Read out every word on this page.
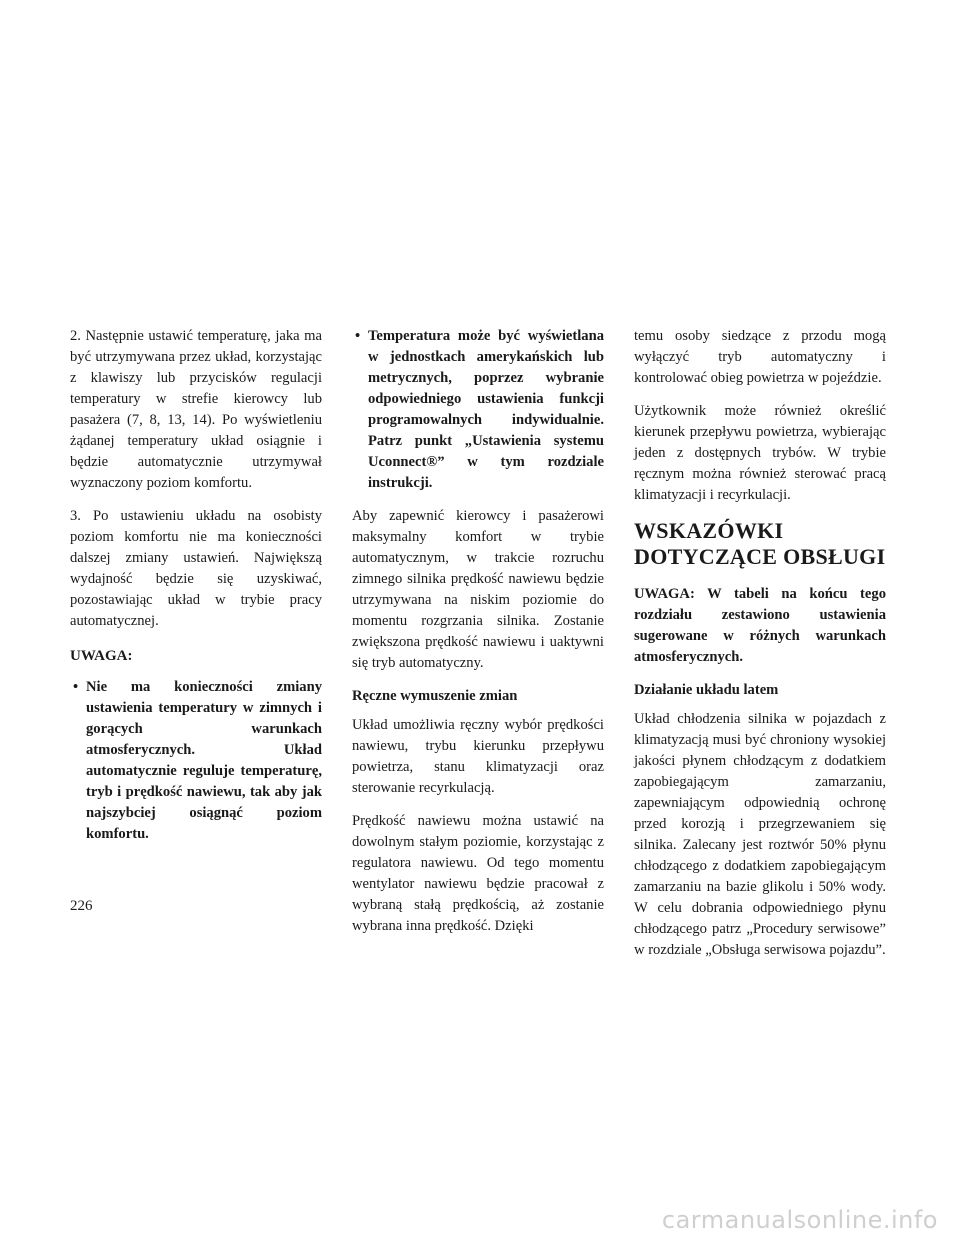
2. Następnie ustawić temperaturę, jaka ma być utrzymywana przez układ, korzystając z klawiszy lub przycisków regulacji temperatury w strefie kierowcy lub pasażera (7, 8, 13, 14). Po wyświetleniu żądanej temperatury układ osiągnie i będzie automatycznie utrzymywał wyznaczony poziom komfortu.

3. Po ustawieniu układu na osobisty poziom komfortu nie ma konieczności dalszej zmiany ustawień. Największą wydajność będzie się uzyskiwać, pozostawiając układ w trybie pracy automatycznej.

UWAGA:
• Nie ma konieczności zmiany ustawienia temperatury w zimnych i gorących warunkach atmosferycznych. Układ automatycznie reguluje temperaturę, tryb i prędkość nawiewu, tak aby jak najszybciej osiągnąć poziom komfortu.
• Temperatura może być wyświetlana w jednostkach amerykańskich lub metrycznych, poprzez wybranie odpowiedniego ustawienia funkcji programowalnych indywidualnie. Patrz punkt „Ustawienia systemu Uconnect®” w tym rozdziale instrukcji.

Aby zapewnić kierowcy i pasażerowi maksymalny komfort w trybie automatycznym, w trakcie rozruchu zimnego silnika prędkość nawiewu będzie utrzymywana na niskim poziomie do momentu rozgrzania silnika. Zostanie zwiększona prędkość nawiewu i uaktywni się tryb automatyczny.

Ręczne wymuszenie zmian

Układ umożliwia ręczny wybór prędkości nawiewu, trybu kierunku przepływu powietrza, stanu klimatyzacji oraz sterowanie recyrkulacją.

Prędkość nawiewu można ustawić na dowolnym stałym poziomie, korzystając z regulatora nawiewu. Od tego momentu wentylator nawiewu będzie pracował z wybraną stałą prędkością, aż zostanie wybrana inna prędkość. Dzięki

temu osoby siedzące z przodu mogą wyłączyć tryb automatyczny i kontrolować obieg powietrza w pojeździe.

Użytkownik może również określić kierunek przepływu powietrza, wybierając jeden z dostępnych trybów. W trybie ręcznym można również sterować pracą klimatyzacji i recyrkulacji.

WSKAZÓWKI
DOTYCZĄCE OBSŁUGI

UWAGA: W tabeli na końcu tego rozdziału zestawiono ustawienia sugerowane w różnych warunkach atmosferycznych.

Działanie układu latem

Układ chłodzenia silnika w pojazdach z klimatyzacją musi być chroniony wysokiej jakości płynem chłodzącym z dodatkiem zapobiegającym zamarzaniu, zapewniającym odpowiednią ochronę przed korozją i przegrzewaniem się silnika. Zalecany jest roztwór 50% płynu chłodzącego z dodatkiem zapobiegającym zamarzaniu na bazie glikolu i 50% wody. W celu dobrania odpowiedniego płynu chłodzącego patrz „Procedury serwisowe” w rozdziale „Obsługa serwisowa pojazdu”.

226
carmanualsonline.info
